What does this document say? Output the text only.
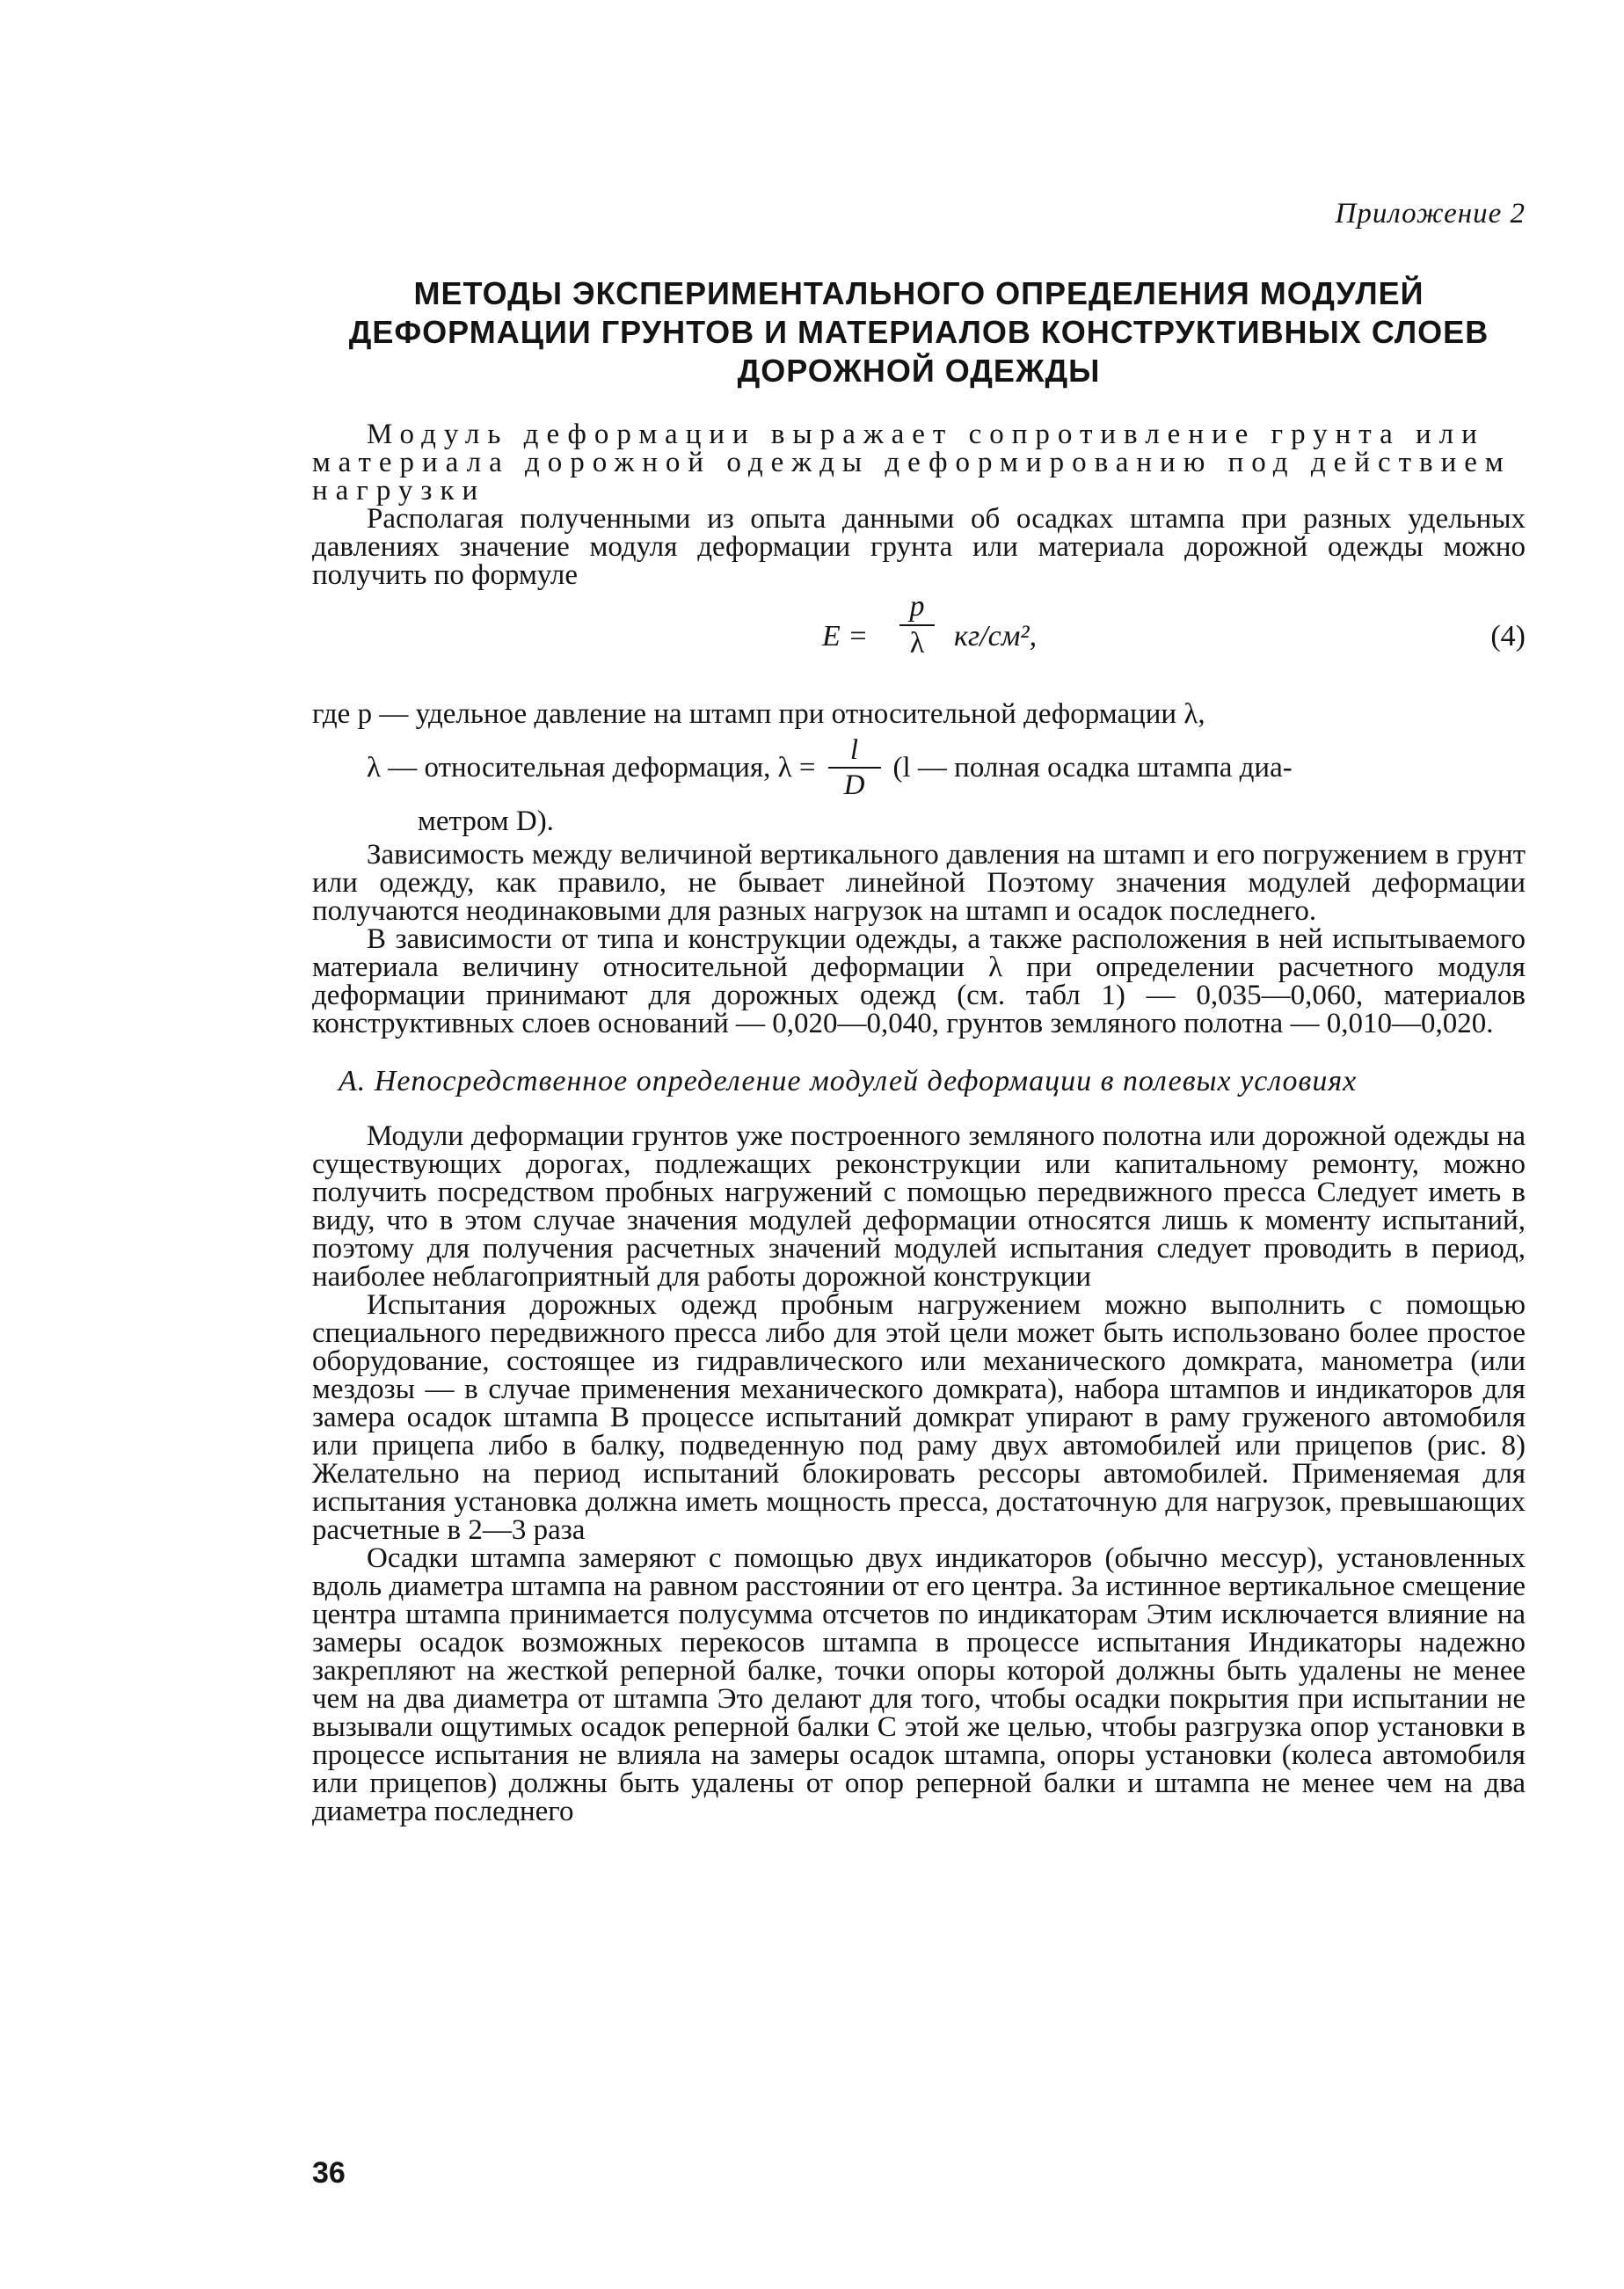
Приложение 2
МЕТОДЫ ЭКСПЕРИМЕНТАЛЬНОГО ОПРЕДЕЛЕНИЯ МОДУЛЕЙ
ДЕФОРМАЦИИ ГРУНТОВ И МАТЕРИАЛОВ КОНСТРУКТИВНЫХ СЛОЕВ
ДОРОЖНОЙ ОДЕЖДЫ

Модуль деформации выражает сопротивление грунта или материала дорожной одежды деформированию под действием нагрузки

Располагая полученными из опыта данными об осадках штампа при разных удельных давлениях значение модуля деформации грунта или материала дорожной одежды можно получить по формуле

$E = \frac{p}{\lambda} кг/см^2$,	(4)

где p — удельное давление на штамп при относительной деформации λ,

λ — относительная деформация, $\lambda = \frac{l}{D} (l$ — полная осадка штампа диа-
метром D).

Зависимость между величиной вертикального давления на штамп и его погружением в грунт или одежду, как правило, не бывает линейной Поэтому значения модулей деформации получаются неодинаковыми для разных нагрузок на штамп и осадок последнего.

В зависимости от типа и конструкции одежды, а также расположения в ней испытываемого материала величину относительной деформации λ при определении расчетного модуля деформации принимают для дорожных одежд (см. табл 1) — 0,035—0,060, материалов конструктивных слоев оснований — 0,020—0,040, грунтов земляного полотна — 0,010—0,020.

А. Непосредственное определение модулей деформации в полевых условиях

Модули деформации грунтов уже построенного земляного полотна или дорожной одежды на существующих дорогах, подлежащих реконструкции или капитальному ремонту, можно получить посредством пробных нагружений с помощью передвижного пресса Следует иметь в виду, что в этом случае значения модулей деформации относятся лишь к моменту испытаний, поэтому для получения расчетных значений модулей испытания следует проводить в период, наиболее неблагоприятный для работы дорожной конструкции

Испытания дорожных одежд пробным нагружением можно выполнить с помощью специального передвижного пресса либо для этой цели может быть использовано более простое оборудование, состоящее из гидравлического или механического домкрата, манометра (или мездозы — в случае применения механического домкрата), набора штампов и индикаторов для замера осадок штампа В процессе испытаний домкрат упирают в раму груженого автомобиля или прицепа либо в балку, подведенную под раму двух автомобилей или прицепов (рис. 8) Желательно на период испытаний блокировать рессоры автомобилей. Применяемая для испытания установка должна иметь мощность пресса, достаточную для нагрузок, превышающих расчетные в 2—3 раза

Осадки штампа замеряют с помощью двух индикаторов (обычно мессур), установленных вдоль диаметра штампа на равном расстоянии от его центра. За истинное вертикальное смещение центра штампа принимается полусумма отсчетов по индикаторам Этим исключается влияние на замеры осадок возможных перекосов штампа в процессе испытания Индикаторы надежно закрепляют на жесткой реперной балке, точки опоры которой должны быть удалены не менее чем на два диаметра от штампа Это делают для того, чтобы осадки покрытия при испытании не вызывали ощутимых осадок реперной балки С этой же целью, чтобы разгрузка опор установки в процессе испытания не влияла на замеры осадок штампа, опоры установки (колеса автомобиля или прицепов) должны быть удалены от опор реперной балки и штампа не менее чем на два диаметра последнего

36
